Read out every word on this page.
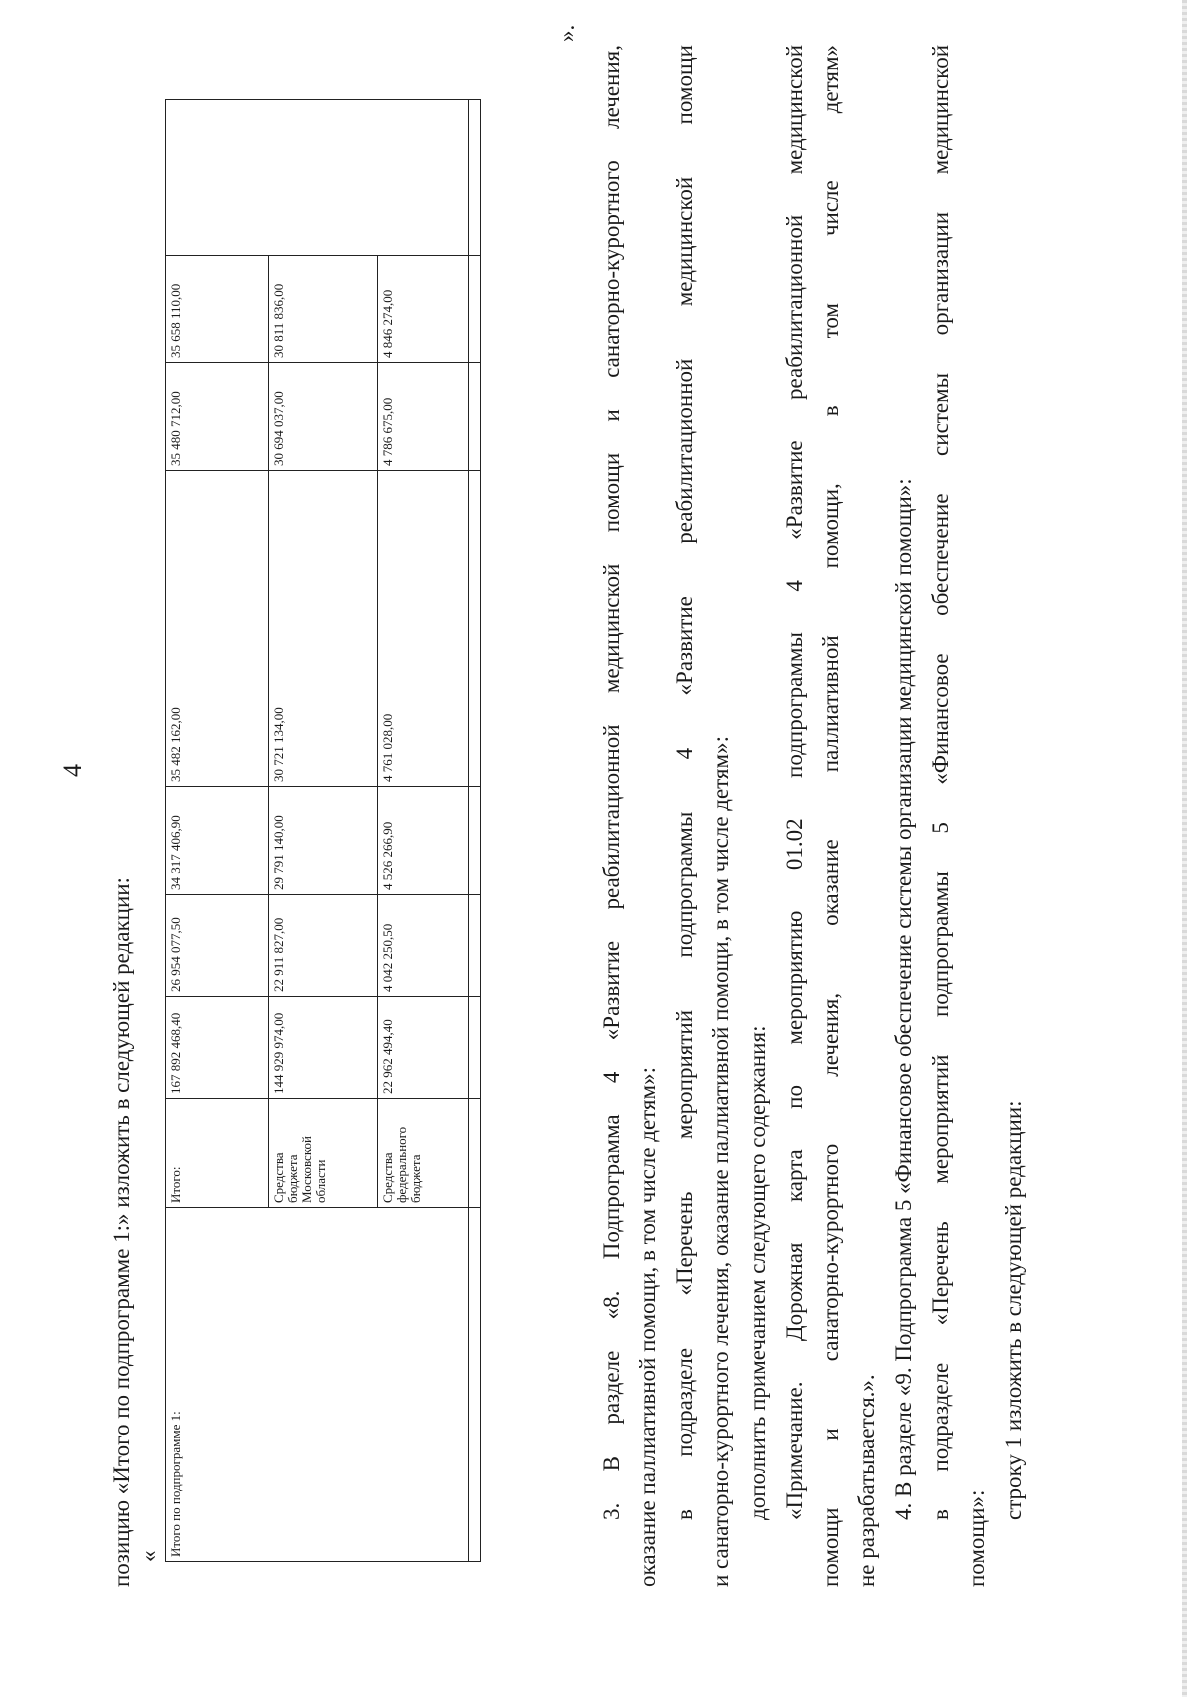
4
позицию «Итого по подпрограмме 1:» изложить в следующей редакции: « Итого по подпрограмме 1:	Итого:	167 892 468,40	26 954 077,50	34 317 406,90	35 482 162,00	35 480 712,00	35 658 110,00	
	Средства бюджета Московской области	144 929 974,00	22 911 827,00	29 791 140,00	30 721 134,00	30 694 037,00	30 811 836,00	
	Средства федерального бюджета	22 962 494,40	4 042 250,50	4 526 266,90	4 761 028,00	4 786 675,00	4 846 274,00	

».
3. В разделе «8. Подпрограмма 4 «Развитие реабилитационной медицинской помощи и санаторно-курортного лечения, оказание паллиативной помощи, в том числе детям»: в подразделе «Перечень мероприятий подпрограммы 4 «Развитие реабилитационной медицинской помощи и санаторно-курортного лечения, оказание паллиативной помощи, в том числе детям»: дополнить примечанием следующего содержания: «Примечание. Дорожная карта по мероприятию 01.02 подпрограммы 4 «Развитие реабилитационной медицинской помощи и санаторно-курортного лечения, оказание паллиативной помощи, в том числе детям» не разрабатывается.». 4. В разделе «9. Подпрограмма 5 «Финансовое обеспечение системы организации медицинской помощи»: в подразделе «Перечень мероприятий подпрограммы 5 «Финансовое обеспечение системы организации медицинской
помощи»:
строку 1 изложить в следующей редакции:
